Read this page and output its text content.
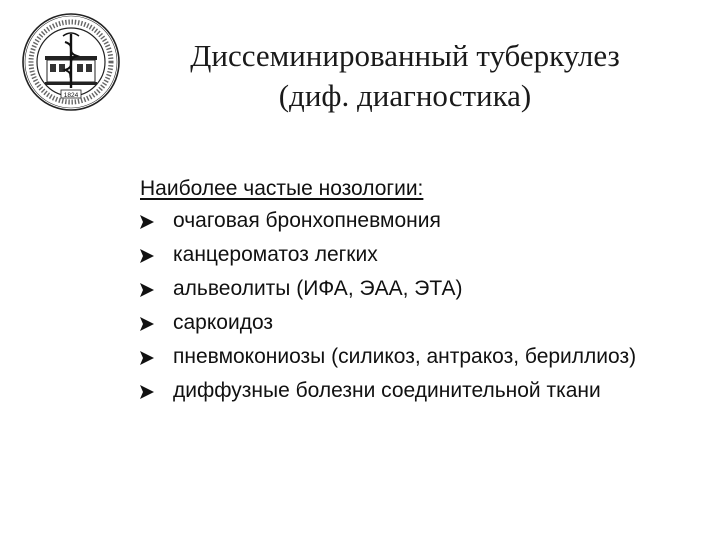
1824
Диссеминированный туберкулез
(диф. диагностика)
Наиболее частые нозологии:
очаговая бронхопневмония
канцероматоз легких
альвеолиты (ИФА, ЭАА, ЭТА)
саркоидоз
пневмокониозы (силикоз, антракоз, бериллиоз)
диффузные болезни соединительной ткани
